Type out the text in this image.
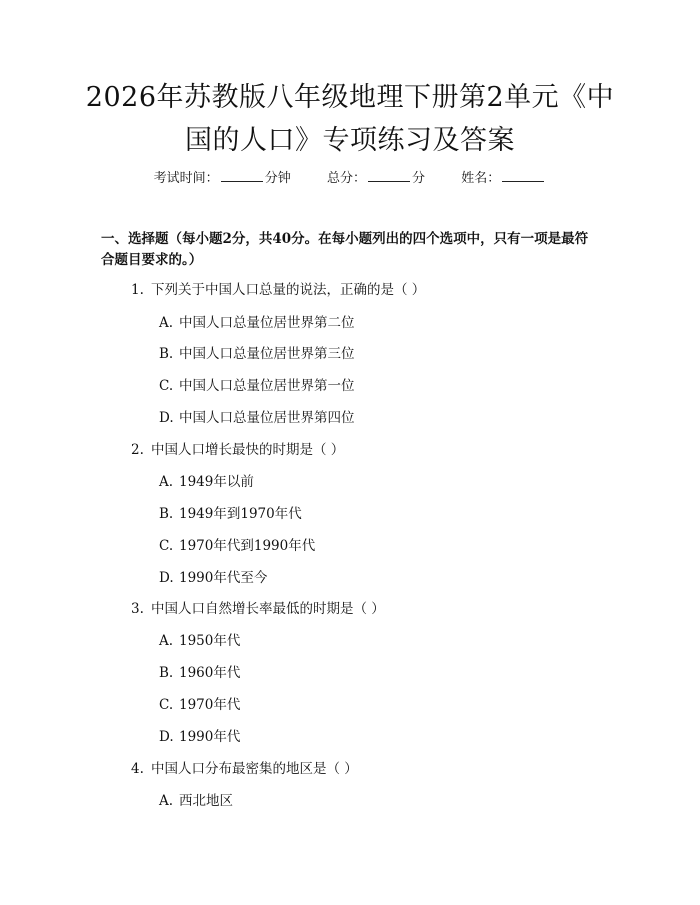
2026年苏教版八年级地理下册第2单元《中
国的人口》专项练习及答案
考试时间：	分钟	总分：	分	姓名：
一、选择题（每小题2分，共40分。在每小题列出的四个选项中，只有一项是最符合题目要求的。）
1. 下列关于中国人口总量的说法，正确的是（ ）
A. 中国人口总量位居世界第二位
B. 中国人口总量位居世界第三位
C. 中国人口总量位居世界第一位
D. 中国人口总量位居世界第四位
2. 中国人口增长最快的时期是（ ）
A. 1949年以前
B. 1949年到1970年代
C. 1970年代到1990年代
D. 1990年代至今
3. 中国人口自然增长率最低的时期是（ ）
A. 1950年代
B. 1960年代
C. 1970年代
D. 1990年代
4. 中国人口分布最密集的地区是（ ）
A. 西北地区
